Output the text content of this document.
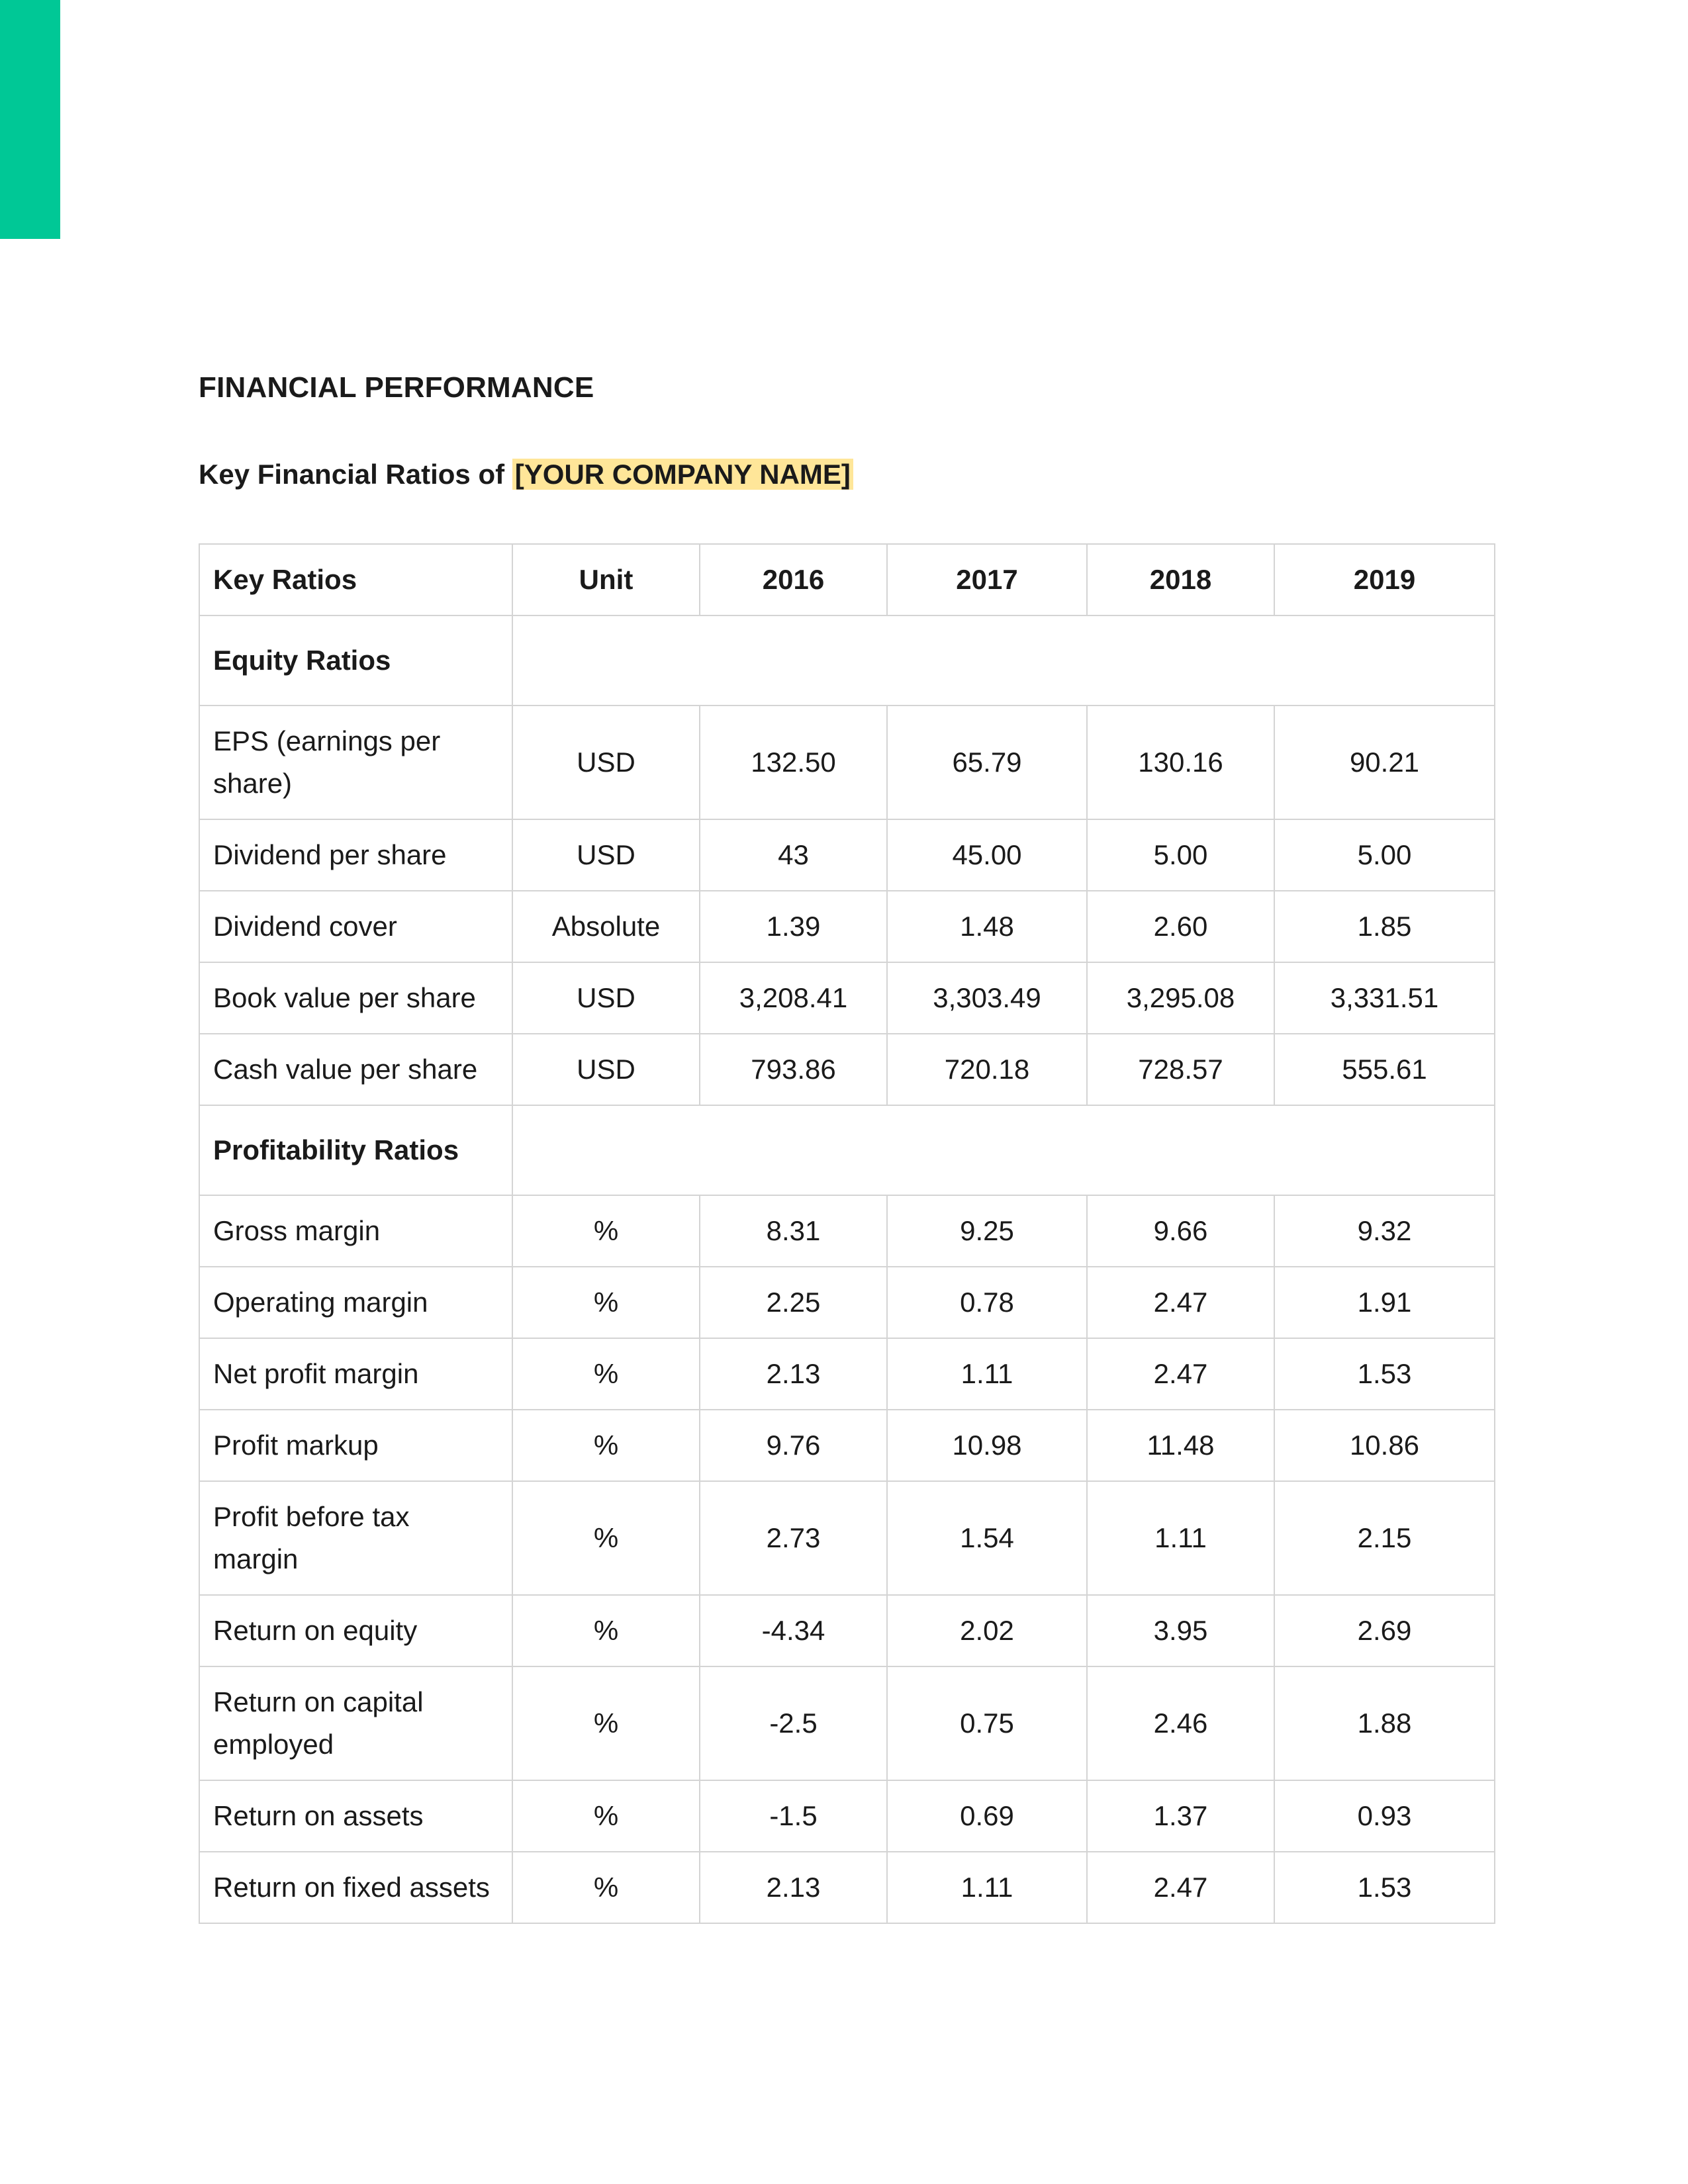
FINANCIAL PERFORMANCE
Key Financial Ratios of [YOUR COMPANY NAME]
Key Ratios	Unit	2016	2017	2018	2019
Equity Ratios					
EPS (earnings per share)	USD	132.50	65.79	130.16	90.21
Dividend per share	USD	43	45.00	5.00	5.00
Dividend cover	Absolute	1.39	1.48	2.60	1.85
Book value per share	USD	3,208.41	3,303.49	3,295.08	3,331.51
Cash value per share	USD	793.86	720.18	728.57	555.61
Profitability Ratios					
Gross margin	%	8.31	9.25	9.66	9.32
Operating margin	%	2.25	0.78	2.47	1.91
Net profit margin	%	2.13	1.11	2.47	1.53
Profit markup	%	9.76	10.98	11.48	10.86
Profit before tax margin	%	2.73	1.54	1.11	2.15
Return on equity	%	-4.34	2.02	3.95	2.69
Return on capital employed	%	-2.5	0.75	2.46	1.88
Return on assets	%	-1.5	0.69	1.37	0.93
Return on fixed assets	%	2.13	1.11	2.47	1.53
